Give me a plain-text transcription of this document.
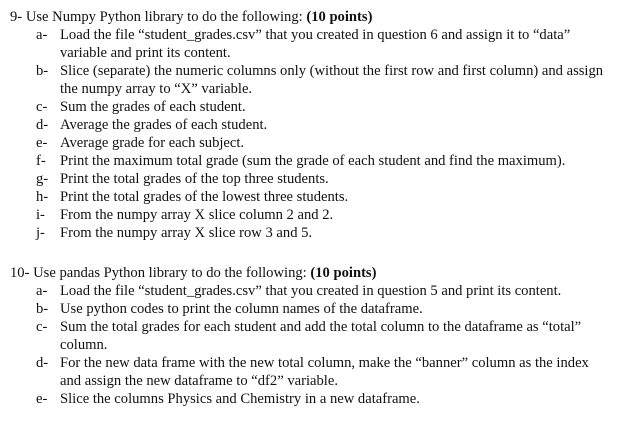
9- Use Numpy Python library to do the following: (10 points)
a- Load the file “student_grades.csv” that you created in question 6 and assign it to “data” variable and print its content.
b- Slice (separate) the numeric columns only (without the first row and first column) and assign the numpy array to “X” variable.
c- Sum the grades of each student.
d- Average the grades of each student.
e- Average grade for each subject.
f- Print the maximum total grade (sum the grade of each student and find the maximum).
g- Print the total grades of the top three students.
h- Print the total grades of the lowest three students.
i- From the numpy array X slice column 2 and 2.
j- From the numpy array X slice row 3 and 5.
10- Use pandas Python library to do the following: (10 points)
a- Load the file “student_grades.csv” that you created in question 5 and print its content.
b- Use python codes to print the column names of the dataframe.
c- Sum the total grades for each student and add the total column to the dataframe as “total” column.
d- For the new data frame with the new total column, make the “banner” column as the index and assign the new dataframe to “df2” variable.
e- Slice the columns Physics and Chemistry in a new dataframe.
